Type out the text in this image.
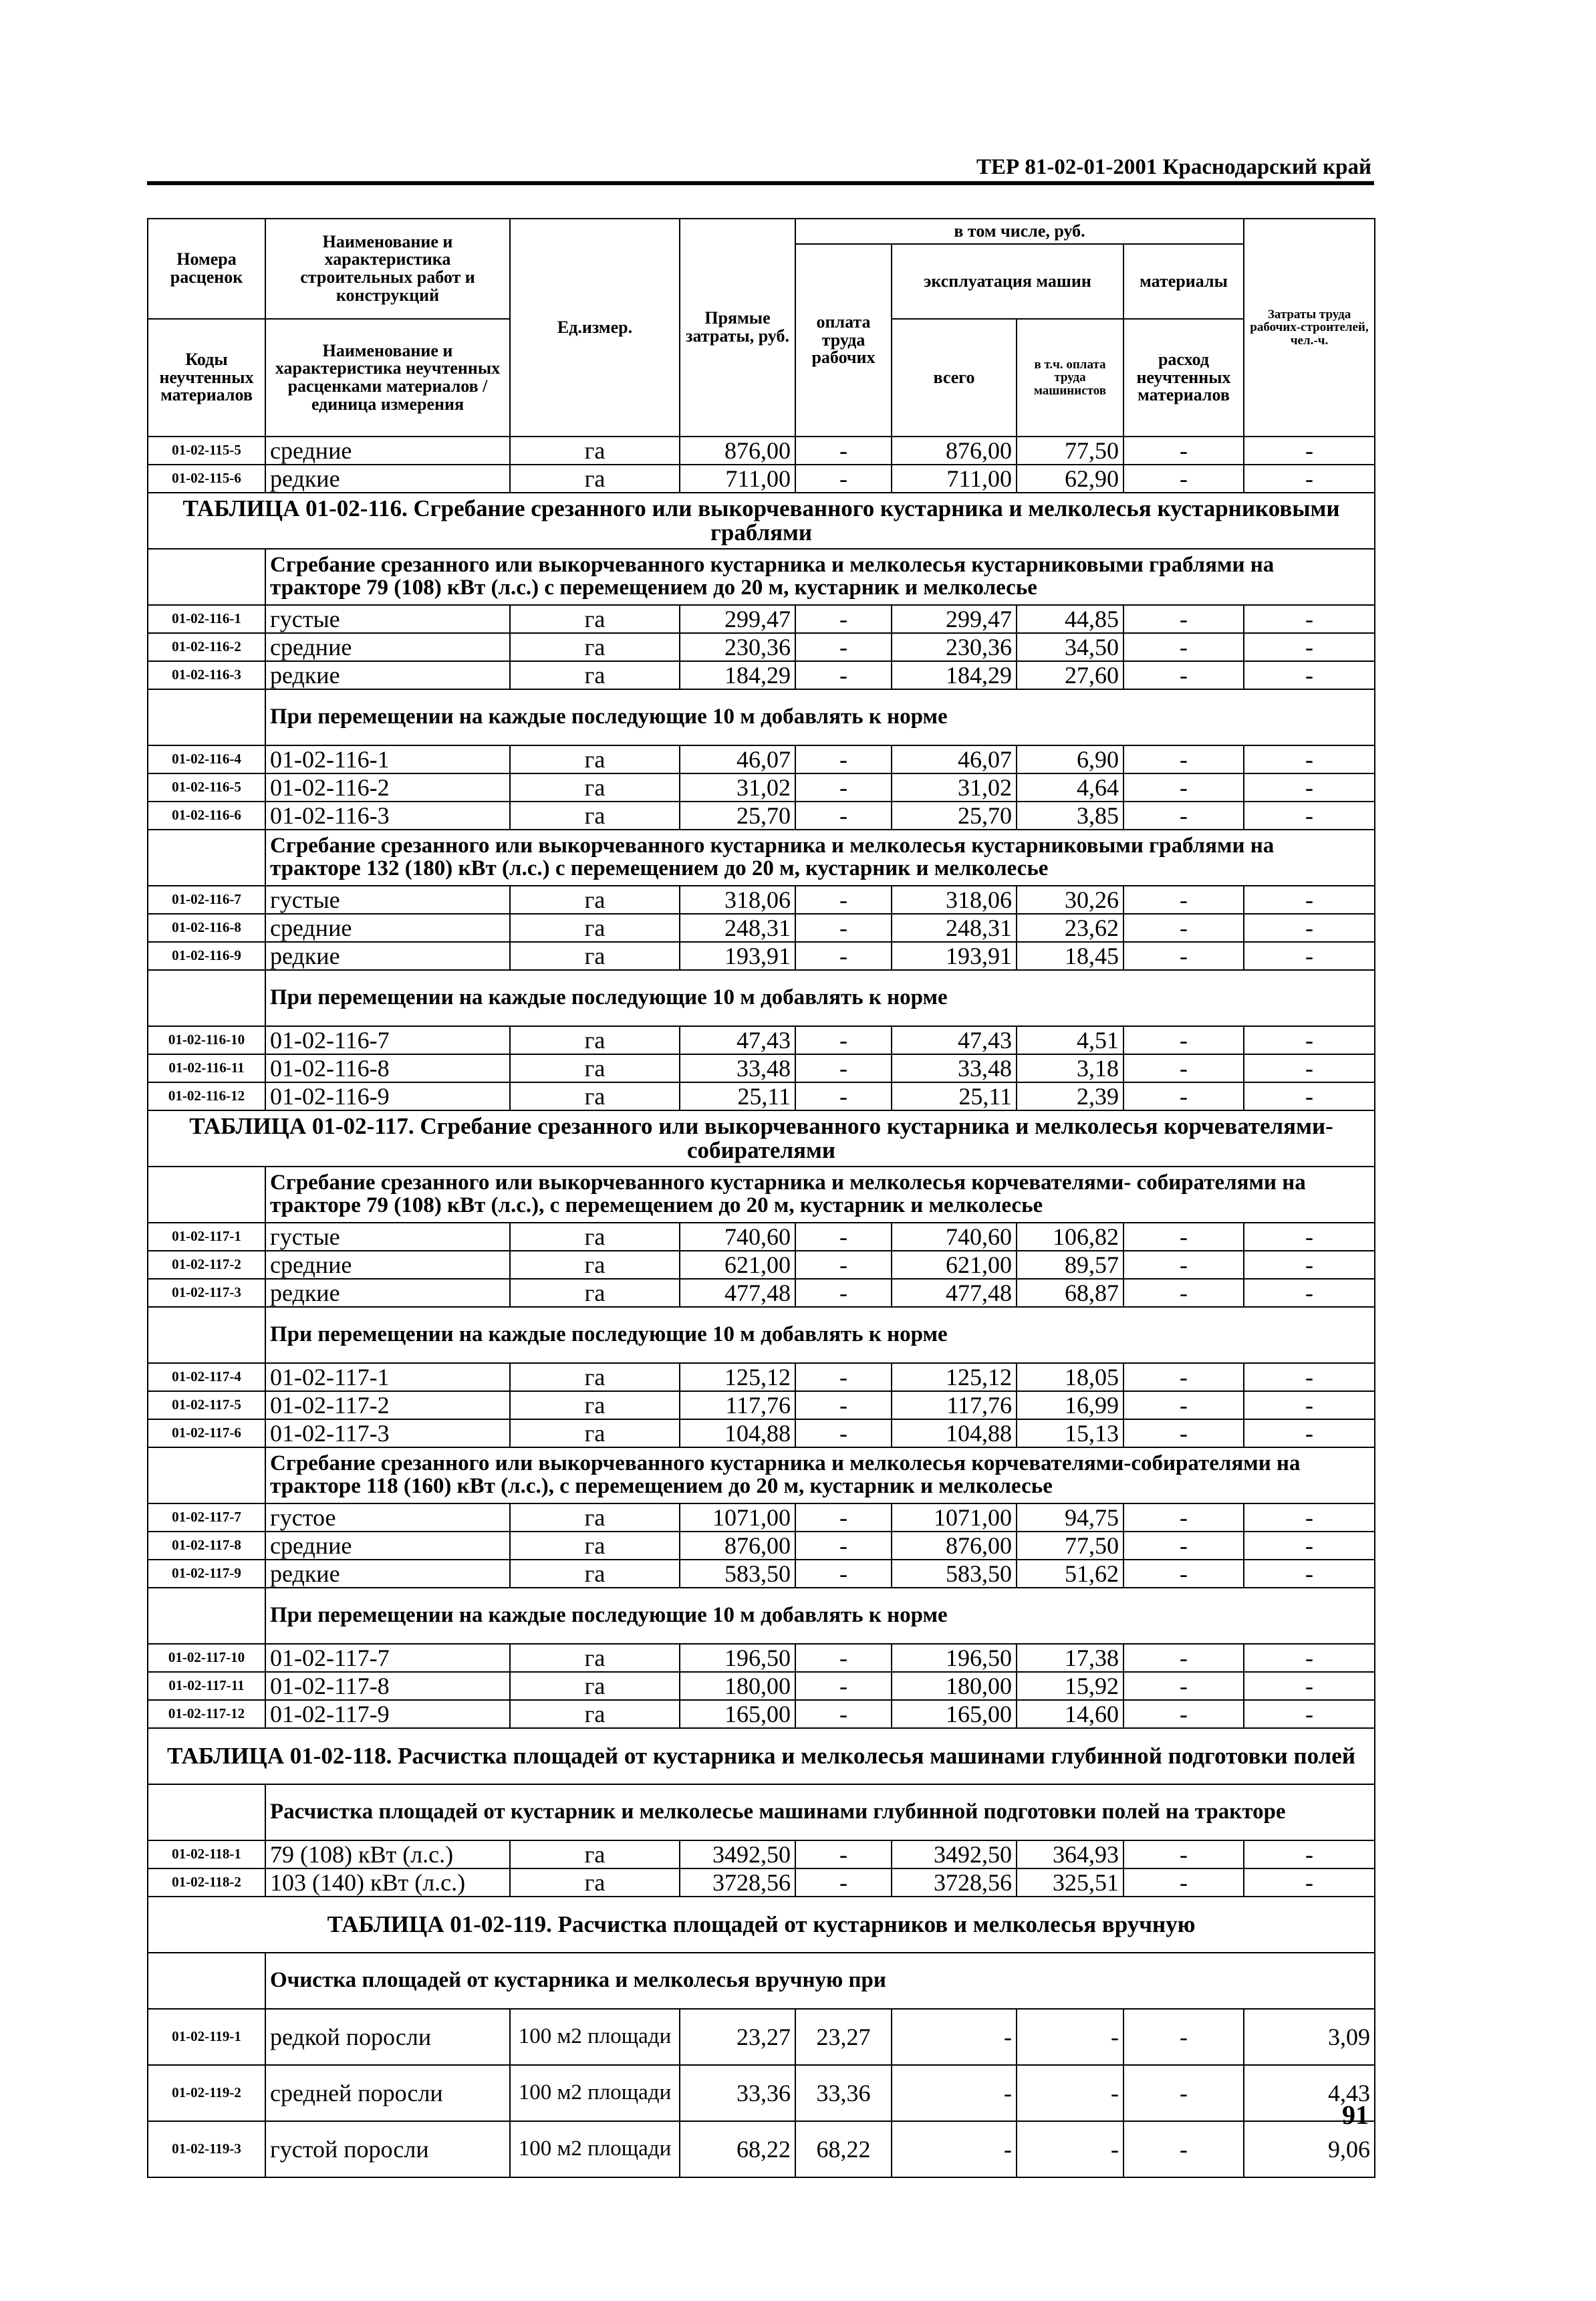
ТЕР 81-02-01-2001 Краснодарский край
Номера расценок	Наименование и характеристика строительных работ и конструкций	Ед.измер.	Прямые затраты, руб.	в том числе, руб.				Затраты труда рабочих-строителей, чел.-ч.
				оплата труда рабочих	эксплуатация машин		материалы	
Коды неучтенных материалов	Наименование и характеристика неучтенных расценками материалов / единица измерения				всего	в т.ч. оплата труда машинистов	расход неучтенных материалов	

01-02-115-5	средние	га	876,00	-	876,00	77,50	-	-
01-02-115-6	редкие	га	711,00	-	711,00	62,90	-	-
ТАБЛИЦА 01-02-116. Сгребание срезанного или выкорчеванного кустарника и мелколесья кустарниковыми граблями								
	Сгребание срезанного или выкорчеванного кустарника и мелколесья кустарниковыми граблями на тракторе 79 (108) кВт (л.с.) с перемещением до 20 м, кустарник и мелколесье							
01-02-116-1	густые	га	299,47	-	299,47	44,85	-	-
01-02-116-2	средние	га	230,36	-	230,36	34,50	-	-
01-02-116-3	редкие	га	184,29	-	184,29	27,60	-	-
	При перемещении на каждые последующие 10 м добавлять к норме							
01-02-116-4	01-02-116-1	га	46,07	-	46,07	6,90	-	-
01-02-116-5	01-02-116-2	га	31,02	-	31,02	4,64	-	-
01-02-116-6	01-02-116-3	га	25,70	-	25,70	3,85	-	-
	Сгребание срезанного или выкорчеванного кустарника и мелколесья кустарниковыми граблями на тракторе 132 (180) кВт (л.с.) с перемещением до 20 м, кустарник и мелколесье							
01-02-116-7	густые	га	318,06	-	318,06	30,26	-	-
01-02-116-8	средние	га	248,31	-	248,31	23,62	-	-
01-02-116-9	редкие	га	193,91	-	193,91	18,45	-	-
	При перемещении на каждые последующие 10 м добавлять к норме							
01-02-116-10	01-02-116-7	га	47,43	-	47,43	4,51	-	-
01-02-116-11	01-02-116-8	га	33,48	-	33,48	3,18	-	-
01-02-116-12	01-02-116-9	га	25,11	-	25,11	2,39	-	-
ТАБЛИЦА 01-02-117. Сгребание срезанного или выкорчеванного кустарника и мелколесья корчевателями-собирателями								
	Сгребание срезанного или выкорчеванного кустарника и мелколесья корчевателями- собирателями на тракторе 79 (108) кВт (л.с.), с перемещением до 20 м, кустарник и мелколесье							
01-02-117-1	густые	га	740,60	-	740,60	106,82	-	-
01-02-117-2	средние	га	621,00	-	621,00	89,57	-	-
01-02-117-3	редкие	га	477,48	-	477,48	68,87	-	-
	При перемещении на каждые последующие 10 м добавлять к норме							
01-02-117-4	01-02-117-1	га	125,12	-	125,12	18,05	-	-
01-02-117-5	01-02-117-2	га	117,76	-	117,76	16,99	-	-
01-02-117-6	01-02-117-3	га	104,88	-	104,88	15,13	-	-
	Сгребание срезанного или выкорчеванного кустарника и мелколесья корчевателями-собирателями на тракторе 118 (160) кВт (л.с.), с перемещением до 20 м, кустарник и мелколесье							
01-02-117-7	густое	га	1071,00	-	1071,00	94,75	-	-
01-02-117-8	средние	га	876,00	-	876,00	77,50	-	-
01-02-117-9	редкие	га	583,50	-	583,50	51,62	-	-
	При перемещении на каждые последующие 10 м добавлять к норме							
01-02-117-10	01-02-117-7	га	196,50	-	196,50	17,38	-	-
01-02-117-11	01-02-117-8	га	180,00	-	180,00	15,92	-	-
01-02-117-12	01-02-117-9	га	165,00	-	165,00	14,60	-	-
ТАБЛИЦА 01-02-118. Расчистка площадей от кустарника и мелколесья машинами глубинной подготовки полей								
	Расчистка площадей от кустарник и мелколесье машинами глубинной подготовки полей на тракторе							
01-02-118-1	79 (108) кВт (л.с.)	га	3492,50	-	3492,50	364,93	-	-
01-02-118-2	103 (140) кВт (л.с.)	га	3728,56	-	3728,56	325,51	-	-
ТАБЛИЦА 01-02-119. Расчистка площадей от кустарников и мелколесья вручную								
	Очистка площадей от кустарника и мелколесья вручную при							
01-02-119-1	редкой поросли	100 м2 площади	23,27	23,27	-	-	-	3,09
01-02-119-2	средней поросли	100 м2 площади	33,36	33,36	-	-	-	4,43
01-02-119-3	густой поросли	100 м2 площади	68,22	68,22	-	-	-	9,06
91
